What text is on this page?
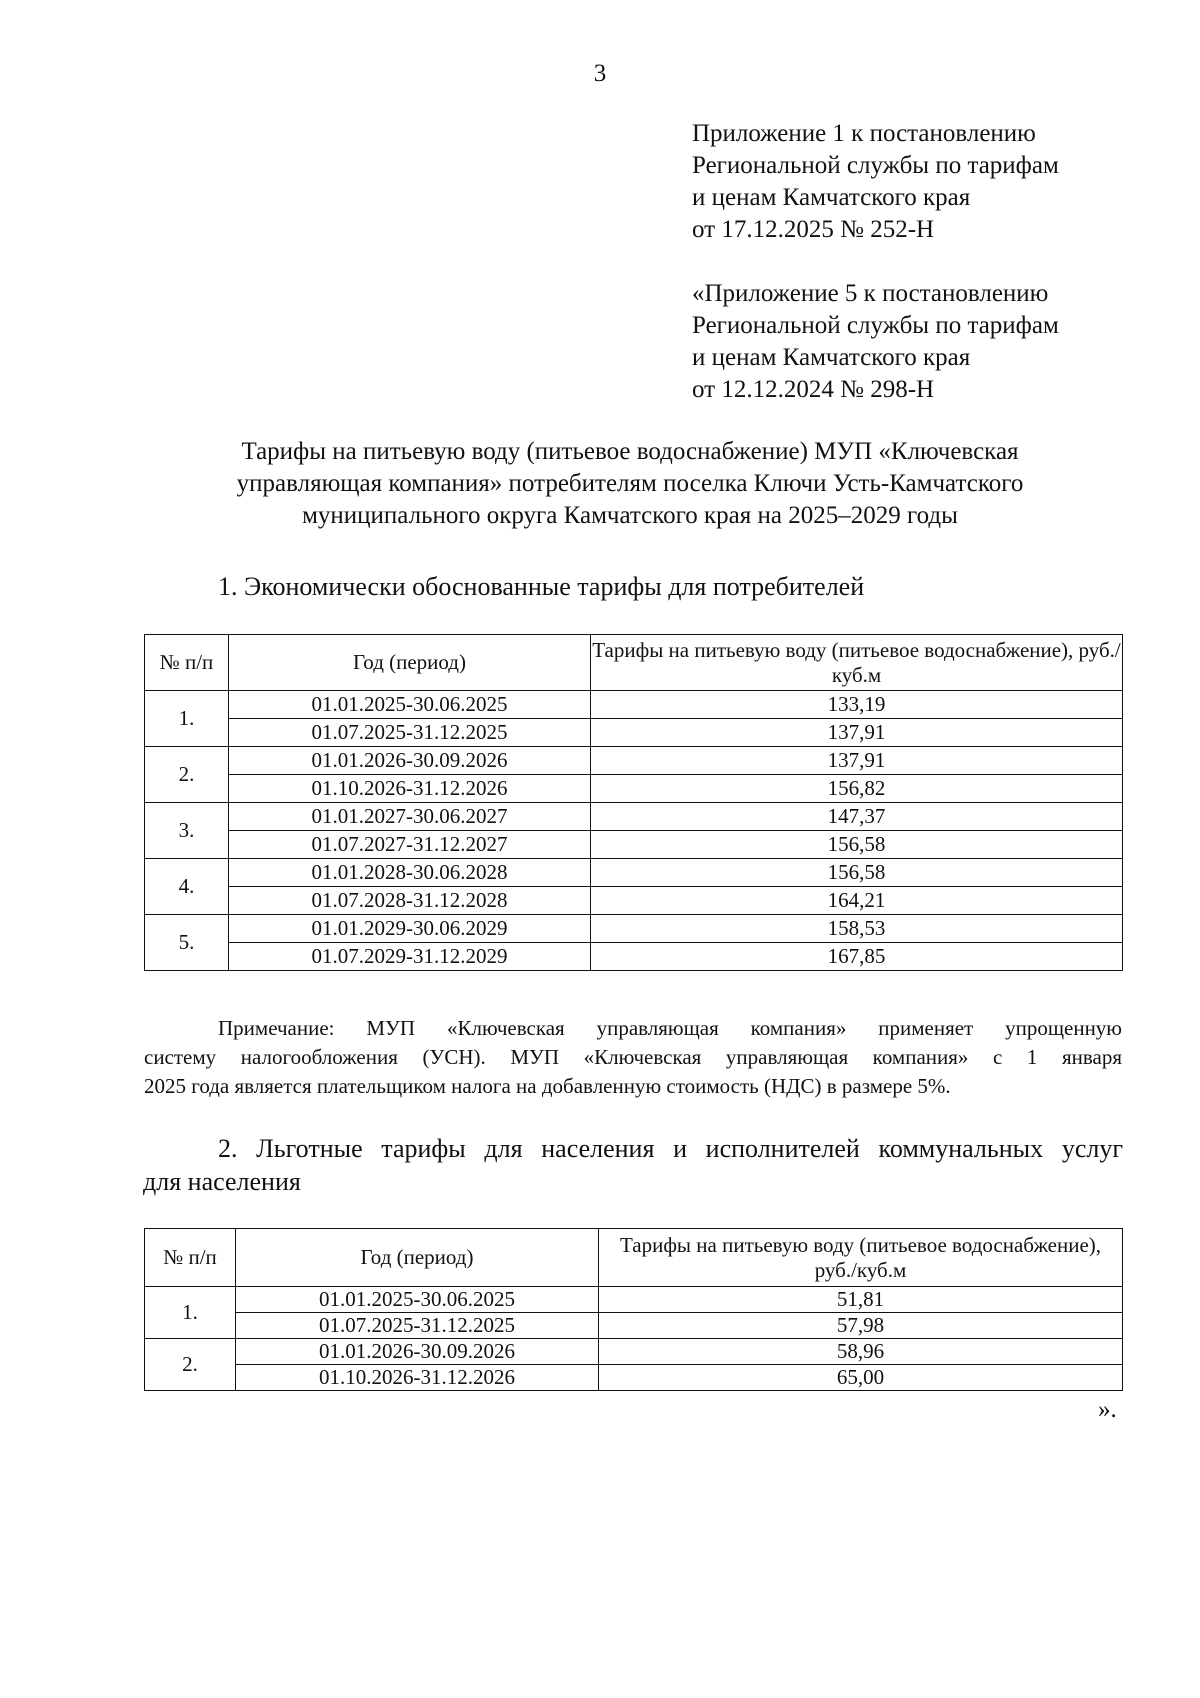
3
Приложение 1 к постановлению
Региональной службы по тарифам
и ценам Камчатского края
от 17.12.2025 № 252-Н
«Приложение 5 к постановлению
Региональной службы по тарифам
и ценам Камчатского края
от 12.12.2024 № 298-Н
Тарифы на питьевую воду (питьевое водоснабжение) МУП «Ключевская
управляющая компания» потребителям поселка Ключи Усть-Камчатского
муниципального округа Камчатского края на 2025–2029 годы
1. Экономически обоснованные тарифы для потребителей
№ п/п	Год (период)	Тарифы на питьевую воду (питьевое водоснабжение), руб./куб.м
1.	01.01.2025-30.06.2025	133,19
	01.07.2025-31.12.2025	137,91
2.	01.01.2026-30.09.2026	137,91
	01.10.2026-31.12.2026	156,82
3.	01.01.2027-30.06.2027	147,37
	01.07.2027-31.12.2027	156,58
4.	01.01.2028-30.06.2028	156,58
	01.07.2028-31.12.2028	164,21
5.	01.01.2029-30.06.2029	158,53
	01.07.2029-31.12.2029	167,85
Примечание: МУП «Ключевская управляющая компания» применяет упрощенную
систему налогообложения (УСН). МУП «Ключевская управляющая компания» с 1 января
2025 года является плательщиком налога на добавленную стоимость (НДС) в размере 5%.
2. Льготные тарифы для населения и исполнителей коммунальных услуг
для населения
№ п/п	Год (период)	Тарифы на питьевую воду (питьевое водоснабжение), руб./куб.м
1.	01.01.2025-30.06.2025	51,81
	01.07.2025-31.12.2025	57,98
2.	01.01.2026-30.09.2026	58,96
	01.10.2026-31.12.2026	65,00
».
